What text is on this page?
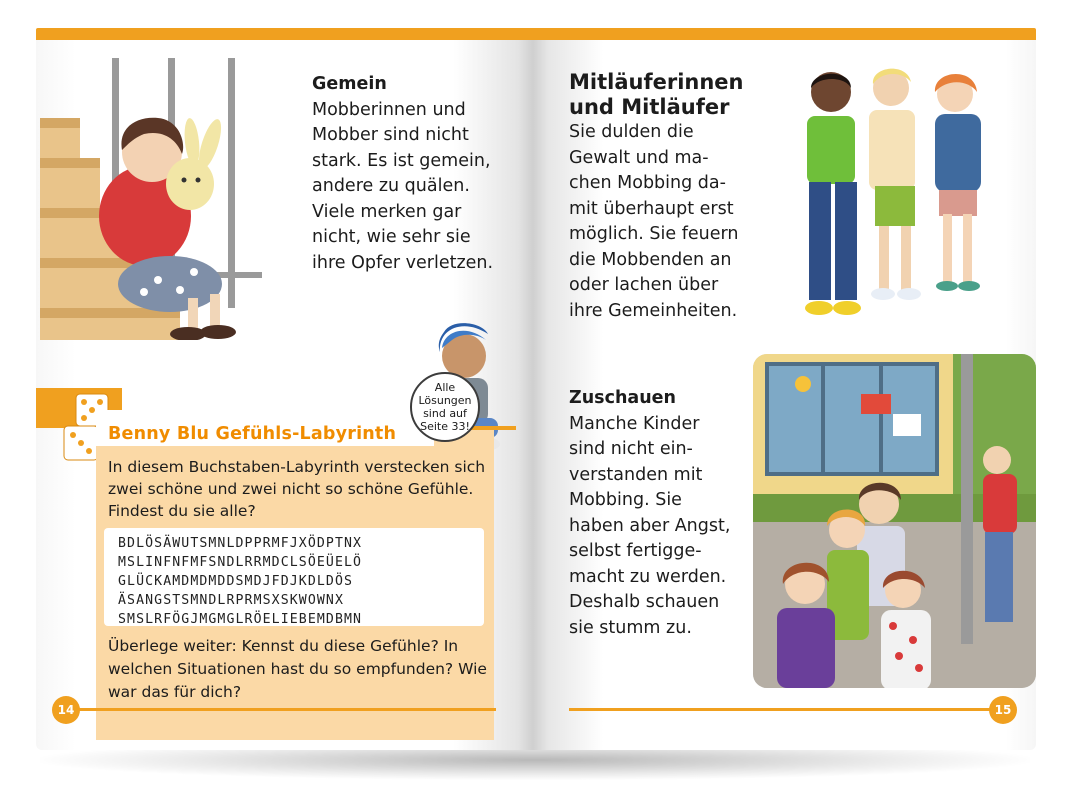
Gemein
Mobberinnen und
Mobber sind nicht
stark. Es ist gemein,
andere zu quälen.
Viele merken gar
nicht, wie sehr sie
ihre Opfer verletzen.
Benny Blu Gefühls-Labyrinth
In diesem Buchstaben-Labyrinth verstecken sich zwei schöne und zwei nicht so schöne Gefühle. Findest du sie alle?
BDLÖSÄWUTSMNLDPPRMFJXÖDPTNX
MSLINFNFMFSNDLRRMDCLSÖEÜELÖ
GLÜCKAMDMDMDDSMDJFDJKDLDÖS
ÄSANGSTSMNDLRPRMSXSKWOWNX
SMSLRFÖGJMGMGLRÖELIEBEMDBMN
Überlege weiter: Kennst du diese Gefühle? In welchen Situationen hast du so empfunden? Wie war das für dich?
Alle
Lösungen
sind auf
Seite 33!
14
Mitläuferinnen
und Mitläufer
Sie dulden die
Gewalt und ma-
chen Mobbing da-
mit überhaupt erst
möglich. Sie feuern
die Mobbenden an
oder lachen über
ihre Gemeinheiten.
Zuschauen
Manche Kinder
sind nicht ein-
verstanden mit
Mobbing. Sie
haben aber Angst,
selbst fertigge-
macht zu werden.
Deshalb schauen
sie stumm zu.
15
